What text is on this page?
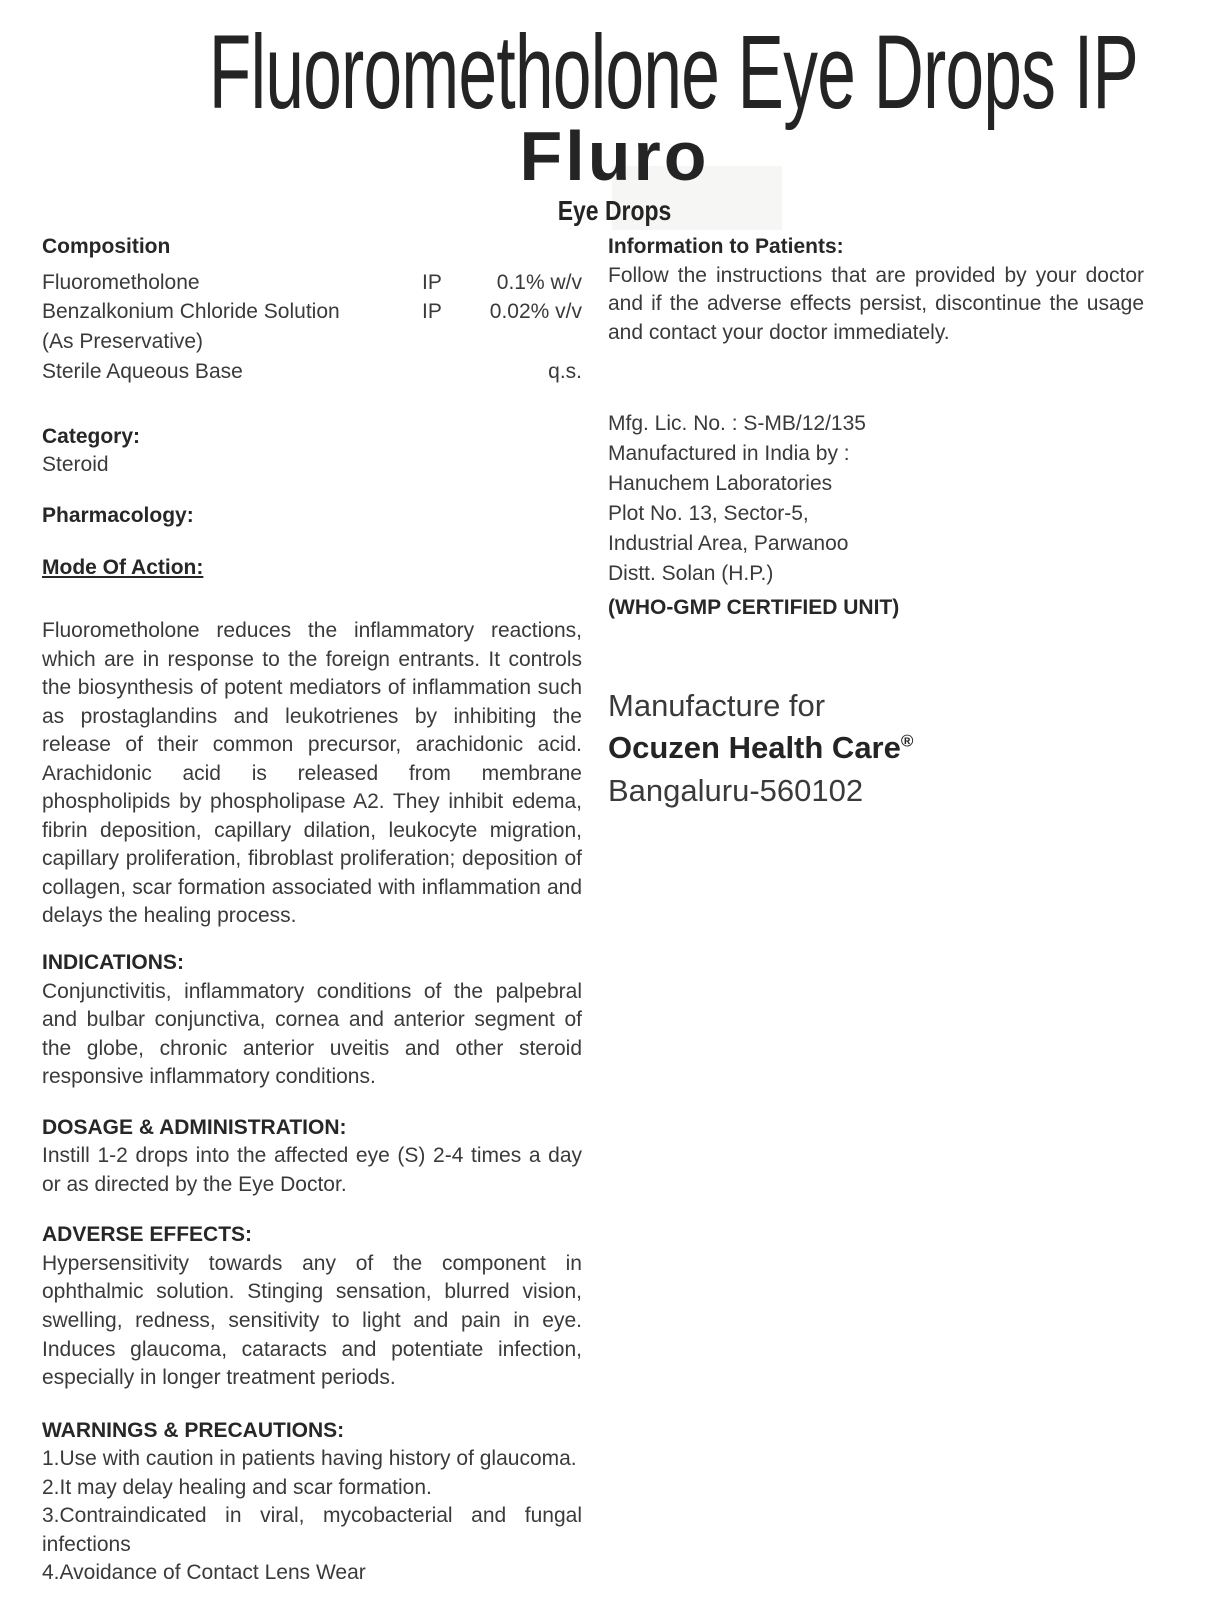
Fluorometholone Eye Drops IP
Fluro
Eye Drops
Composition
Fluorometholone	IP	0.1% w/v
Benzalkonium Chloride Solution	IP	0.02% v/v
(As Preservative)
Sterile Aqueous Base	q.s.
Category:
Steroid
Pharmacology:
Mode Of Action:
Fluorometholone reduces the inflammatory reactions, which are in response to the foreign entrants. It controls the biosynthesis of potent mediators of inflammation such as prostaglandins and leukotrienes by inhibiting the release of their common precursor, arachidonic acid. Arachidonic acid is released from membrane phospholipids by phospholipase A2. They inhibit edema, fibrin deposition, capillary dilation, leukocyte migration, capillary proliferation, fibroblast proliferation; deposition of collagen, scar formation associated with inflammation and delays the healing process.
INDICATIONS:
Conjunctivitis, inflammatory conditions of the palpebral and bulbar conjunctiva, cornea and anterior segment of the globe, chronic anterior uveitis and other steroid responsive inflammatory conditions.
DOSAGE & ADMINISTRATION:
Instill 1-2 drops into the affected eye (S) 2-4 times a day or as directed by the Eye Doctor.
ADVERSE EFFECTS:
Hypersensitivity towards any of the component in ophthalmic solution. Stinging sensation, blurred vision, swelling, redness, sensitivity to light and pain in eye. Induces glaucoma, cataracts and potentiate infection, especially in longer treatment periods.
WARNINGS & PRECAUTIONS:
1.Use with caution in patients having history of glaucoma.
2.It may delay healing and scar formation.
3.Contraindicated in viral, mycobacterial and fungal infections
4.Avoidance of Contact Lens Wear
Information to Patients:
Follow the instructions that are provided by your doctor and if the adverse effects persist, discontinue the usage and contact your doctor immediately.
Mfg. Lic. No. : S-MB/12/135
Manufactured in India by :
Hanuchem Laboratories
Plot No. 13, Sector-5,
Industrial Area, Parwanoo
Distt. Solan (H.P.)
(WHO-GMP CERTIFIED UNIT)
Manufacture for
Ocuzen Health Care®
Bangaluru-560102
